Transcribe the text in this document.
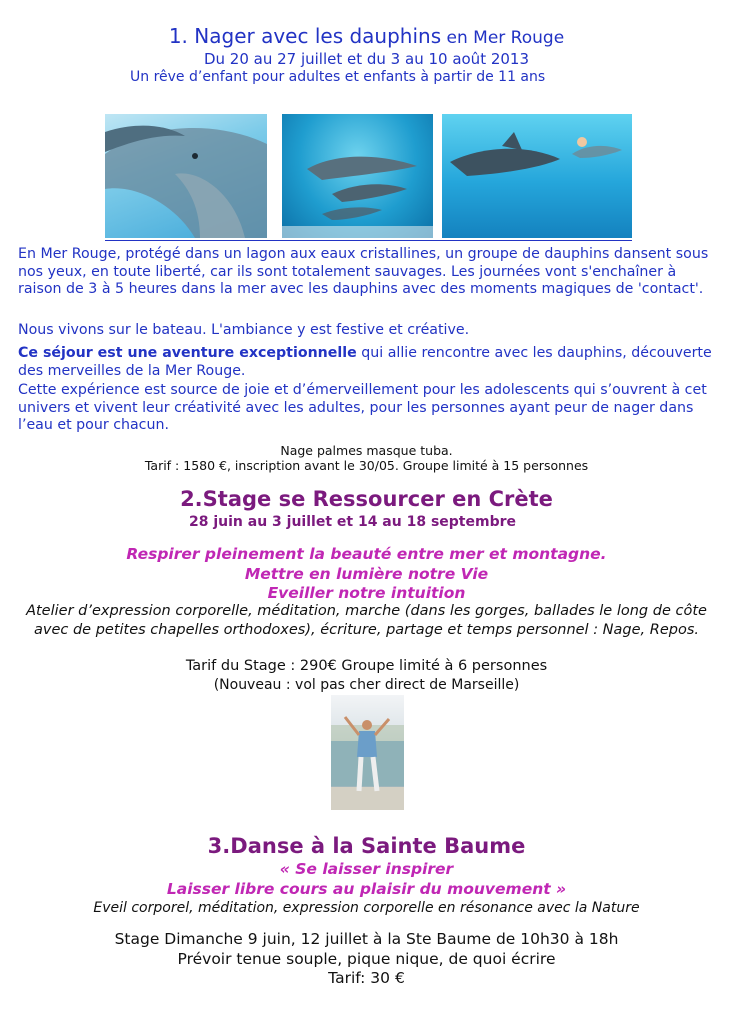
1. Nager avec les dauphins en Mer Rouge
Du 20 au 27 juillet et du 3 au 10 août 2013
Un rêve d’enfant pour adultes et enfants à partir de 11 ans
En Mer Rouge, protégé dans un lagon aux eaux cristallines, un groupe de dauphins dansent sous nos yeux, en toute liberté, car ils sont totalement sauvages. Les journées vont s'enchaîner à raison de 3 à 5 heures dans la mer avec les dauphins avec des moments magiques de 'contact'.
Nous vivons sur le bateau. L'ambiance y est festive et créative.
Ce séjour est une aventure exceptionnelle qui allie rencontre avec les dauphins, découverte des merveilles de la Mer Rouge.
Cette expérience est source de joie et d’émerveillement pour les adolescents qui s’ouvrent à cet univers et vivent leur créativité avec les adultes, pour les personnes ayant peur de nager dans l’eau et pour chacun.
Nage palmes masque tuba.
Tarif : 1580 €, inscription avant le 30/05. Groupe limité à 15 personnes
2.Stage se Ressourcer en Crète
28 juin au 3 juillet et 14 au 18 septembre
Respirer pleinement la beauté entre mer et montagne.
Mettre en lumière notre Vie
Eveiller notre intuition
Atelier d’expression corporelle, méditation, marche (dans les gorges, ballades le long de côte avec de petites chapelles orthodoxes), écriture, partage et temps personnel : Nage, Repos.
Tarif du Stage : 290€ Groupe limité à 6 personnes
(Nouveau : vol pas cher direct de Marseille)
3.Danse à la Sainte Baume
« Se laisser inspirer
Laisser libre cours au plaisir du mouvement »
Eveil corporel, méditation, expression corporelle en résonance avec la Nature
Stage Dimanche 9 juin, 12 juillet à la Ste Baume de 10h30 à 18h
Prévoir tenue souple, pique nique, de quoi écrire
Tarif: 30 €
